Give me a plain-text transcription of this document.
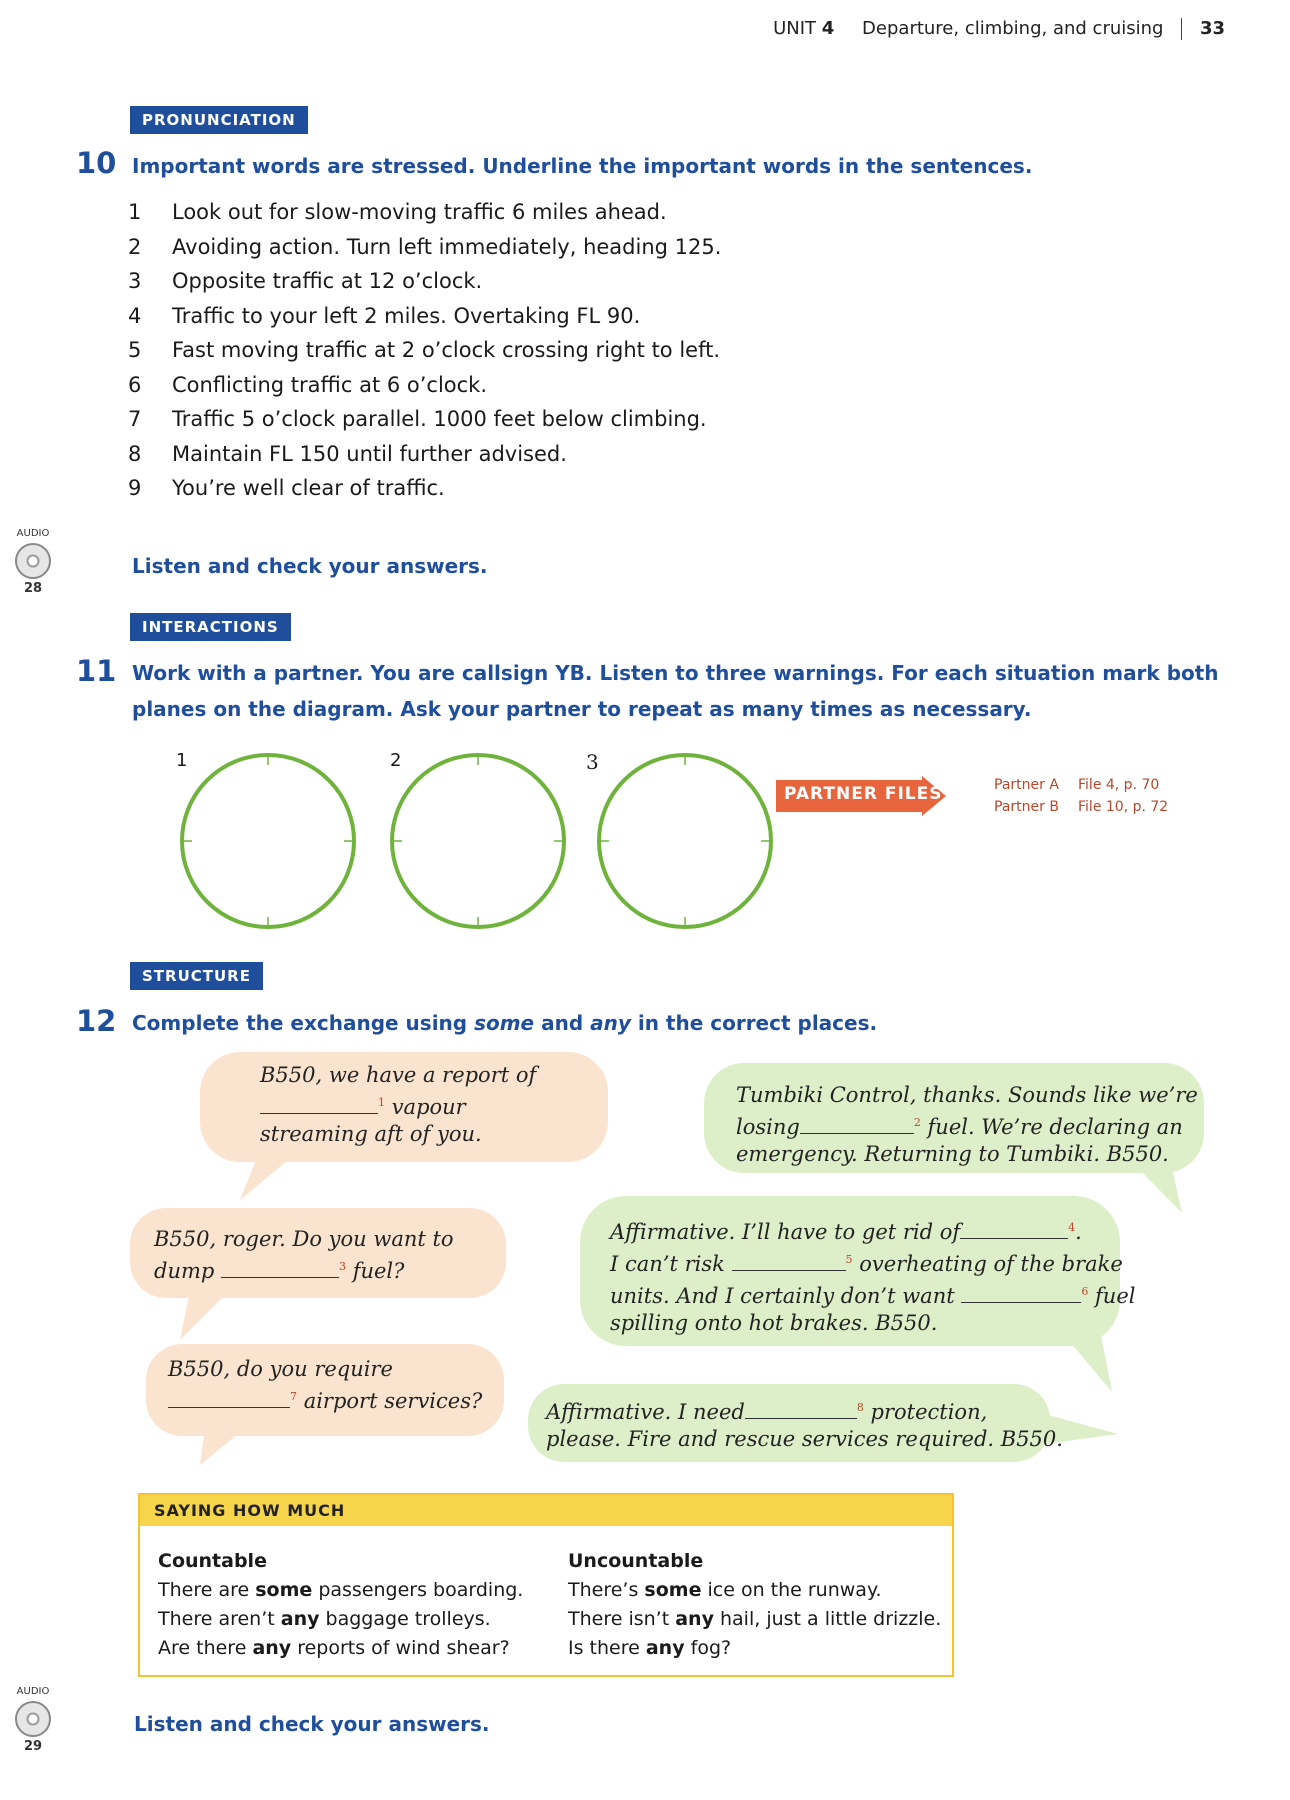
UNIT 4 Departure, climbing, and cruising 33
PRONUNCIATION
10 Important words are stressed. Underline the important words in the sentences.
1	Look out for slow-moving traffic 6 miles ahead.
2	Avoiding action. Turn left immediately, heading 125.
3	Opposite traffic at 12 o’clock.
4	Traffic to your left 2 miles. Overtaking FL 90.
5	Fast moving traffic at 2 o’clock crossing right to left.
6	Conflicting traffic at 6 o’clock.
7	Traffic 5 o’clock parallel. 1000 feet below climbing.
8	Maintain FL 150 until further advised.
9	You’re well clear of traffic.
AUDIO
28
Listen and check your answers.
INTERACTIONS
11 Work with a partner. You are callsign YB. Listen to three warnings. For each situation mark both
planes on the diagram. Ask your partner to repeat as many times as necessary.
1	2	3
PARTNER FILES	Partner A File 4, p. 70
Partner B File 10, p. 72
STRUCTURE
12 Complete the exchange using some and any in the correct places.
B550, we have a report of
$^1$ vapour
streaming aft of you.
Tumbiki Control, thanks. Sounds like we’re
losing	$^2$ fuel. We’re declaring an
emergency. Returning to Tumbiki. B550.
B550, roger. Do you want to
dump	$^3$ fuel?
Affirmative. I’ll have to get rid of	$^4$.
I can’t risk	$^5$ overheating of the brake
units. And I certainly don’t want	$^6$ fuel
spilling onto hot brakes. B550.
B550, do you require
$^7$ airport services?	Affirmative. I need	$^8$ protection,
please. Fire and rescue services required. B550.
SAYING HOW MUCH
Countable
There are some passengers boarding.
There aren’t any baggage trolleys.
Are there any reports of wind shear?
Uncountable
There’s some ice on the runway.
There isn’t any hail, just a little drizzle.
Is there any fog?
AUDIO
29
Listen and check your answers.
